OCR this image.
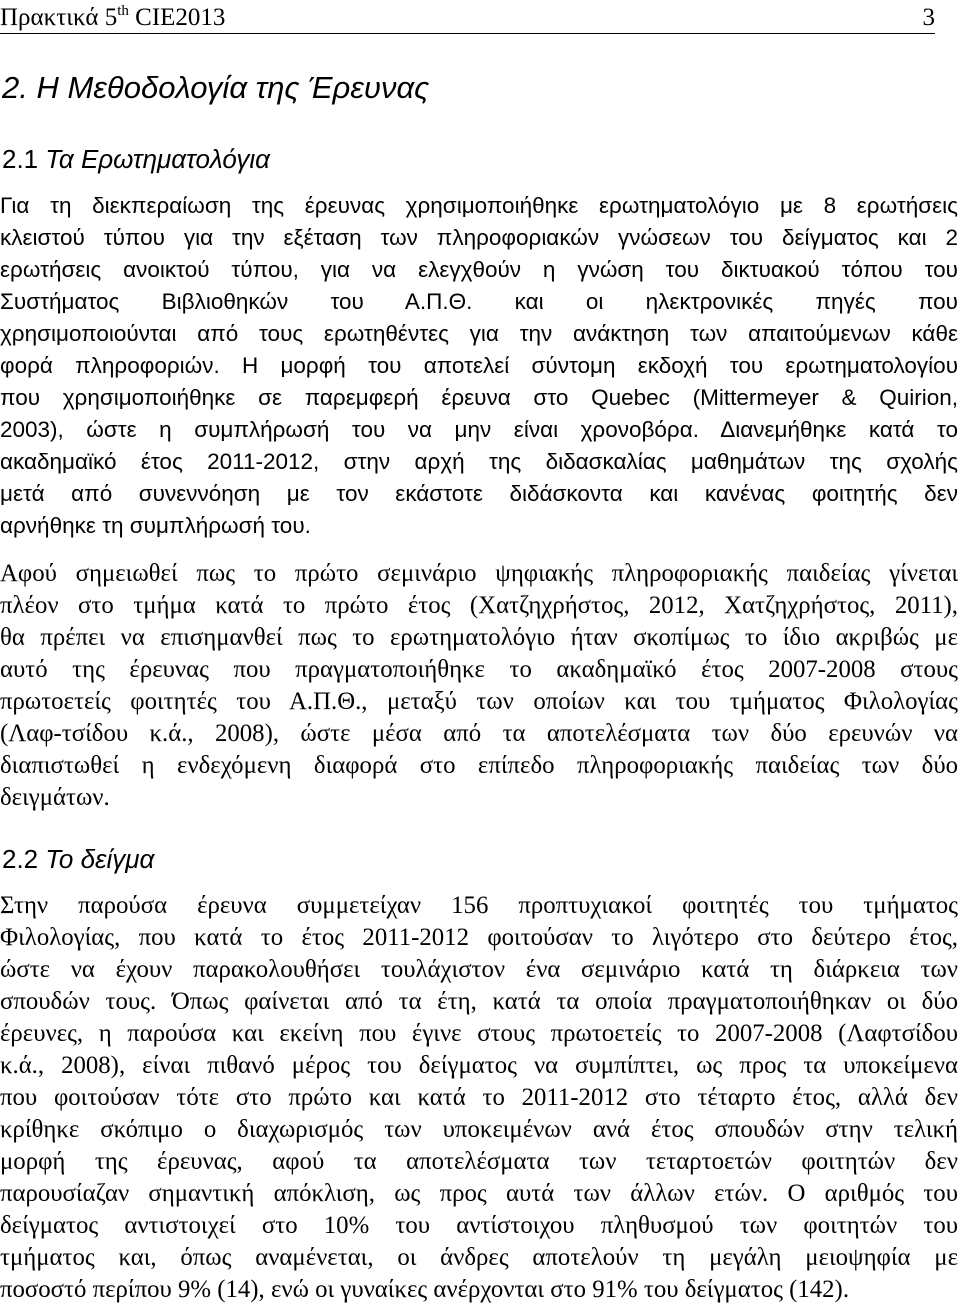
Πρακτικά 5th CIE2013	3
2. Η Μεθοδολογία της Έρευνας
2.1 Τα Ερωτηματολόγια
Για τη διεκπεραίωση της έρευνας χρησιμοποιήθηκε ερωτηματολόγιο με 8 ερωτήσεις
κλειστού τύπου για την εξέταση των πληροφοριακών γνώσεων του δείγματος και 2
ερωτήσεις ανοικτού τύπου, για να ελεγχθούν η γνώση του δικτυακού τόπου του
Συστήματος Βιβλιοθηκών του Α.Π.Θ. και οι ηλεκτρονικές πηγές που
χρησιμοποιούνται από τους ερωτηθέντες για την ανάκτηση των απαιτούμενων κάθε
φορά πληροφοριών. Η μορφή του αποτελεί σύντομη εκδοχή του ερωτηματολογίου
που χρησιμοποιήθηκε σε παρεμφερή έρευνα στο Quebec (Mittermeyer & Quirion,
2003), ώστε η συμπλήρωσή του να μην είναι χρονοβόρα. Διανεμήθηκε κατά το
ακαδημαϊκό έτος 2011-2012, στην αρχή της διδασκαλίας μαθημάτων της σχολής
μετά από συνεννόηση με τον εκάστοτε διδάσκοντα και κανένας φοιτητής δεν
αρνήθηκε τη συμπλήρωσή του.
Αφού σημειωθεί πως το πρώτο σεμινάριο ψηφιακής πληροφοριακής παιδείας γίνεται
πλέον στο τμήμα κατά το πρώτο έτος (Χατζηχρήστος, 2012, Χατζηχρήστος, 2011),
θα πρέπει να επισημανθεί πως το ερωτηματολόγιο ήταν σκοπίμως το ίδιο ακριβώς με
αυτό της έρευνας που πραγματοποιήθηκε το ακαδημαϊκό έτος 2007-2008 στους
πρωτοετείς φοιτητές του Α.Π.Θ., μεταξύ των οποίων και του τμήματος Φιλολογίας
(Λαφ-τσίδου κ.ά., 2008), ώστε μέσα από τα αποτελέσματα των δύο ερευνών να
διαπιστωθεί η ενδεχόμενη διαφορά στο επίπεδο πληροφοριακής παιδείας των δύο
δειγμάτων.
2.2 Το δείγμα
Στην παρούσα έρευνα συμμετείχαν 156 προπτυχιακοί φοιτητές του τμήματος
Φιλολογίας, που κατά το έτος 2011-2012 φοιτούσαν το λιγότερο στο δεύτερο έτος,
ώστε να έχουν παρακολουθήσει τουλάχιστον ένα σεμινάριο κατά τη διάρκεια των
σπουδών τους. Όπως φαίνεται από τα έτη, κατά τα οποία πραγματοποιήθηκαν οι δύο
έρευνες, η παρούσα και εκείνη που έγινε στους πρωτοετείς το 2007-2008 (Λαφτσίδου
κ.ά., 2008), είναι πιθανό μέρος του δείγματος να συμπίπτει, ως προς τα υποκείμενα
που φοιτούσαν τότε στο πρώτο και κατά το 2011-2012 στο τέταρτο έτος, αλλά δεν
κρίθηκε σκόπιμο ο διαχωρισμός των υποκειμένων ανά έτος σπουδών στην τελική
μορφή της έρευνας, αφού τα αποτελέσματα των τεταρτοετών φοιτητών δεν
παρουσίαζαν σημαντική απόκλιση, ως προς αυτά των άλλων ετών. Ο αριθμός του
δείγματος αντιστοιχεί στο 10% του αντίστοιχου πληθυσμού των φοιτητών του
τμήματος και, όπως αναμένεται, οι άνδρες αποτελούν τη μεγάλη μειοψηφία με
ποσοστό περίπου 9% (14), ενώ οι γυναίκες ανέρχονται στο 91% του δείγματος (142).
